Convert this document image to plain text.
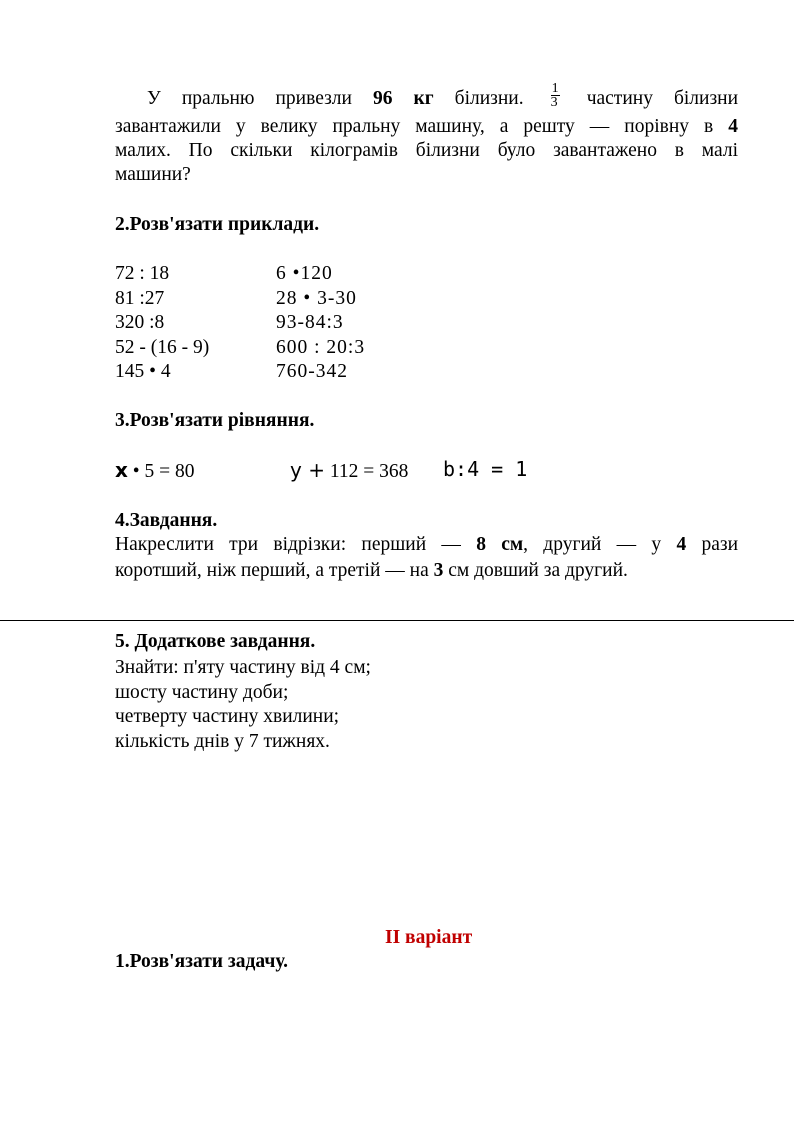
У пральню привезли 96 кг білизни. $\frac{1}{3}$ частину білизни
завантажили у велику пральну машину, а решту — порівну в 4
малих. По скільки кілограмів білизни було завантажено в малі
машини?
2.Розв'язати приклади.
72 : 18
81 :27
320 :8
52 - (16 - 9)
145 • 4
6 •120
28 • 3-30
93-84:3
600 : 20:3
760-342
3.Розв'язати рівняння.
x • 5 = 80	y + 112 = 368 b:4 = 1
4.Завдання.
Накреслити три відрізки: перший — 8 см, другий — у 4 рази
коротший, ніж перший, а третій — на 3 см довший за другий.
5. Додаткове завдання.
Знайти: п'яту частину від 4 см;
шосту частину доби;
четверту частину хвилини;
кількість днів у 7 тижнях.
II варіант
1.Розв'язати задачу.
